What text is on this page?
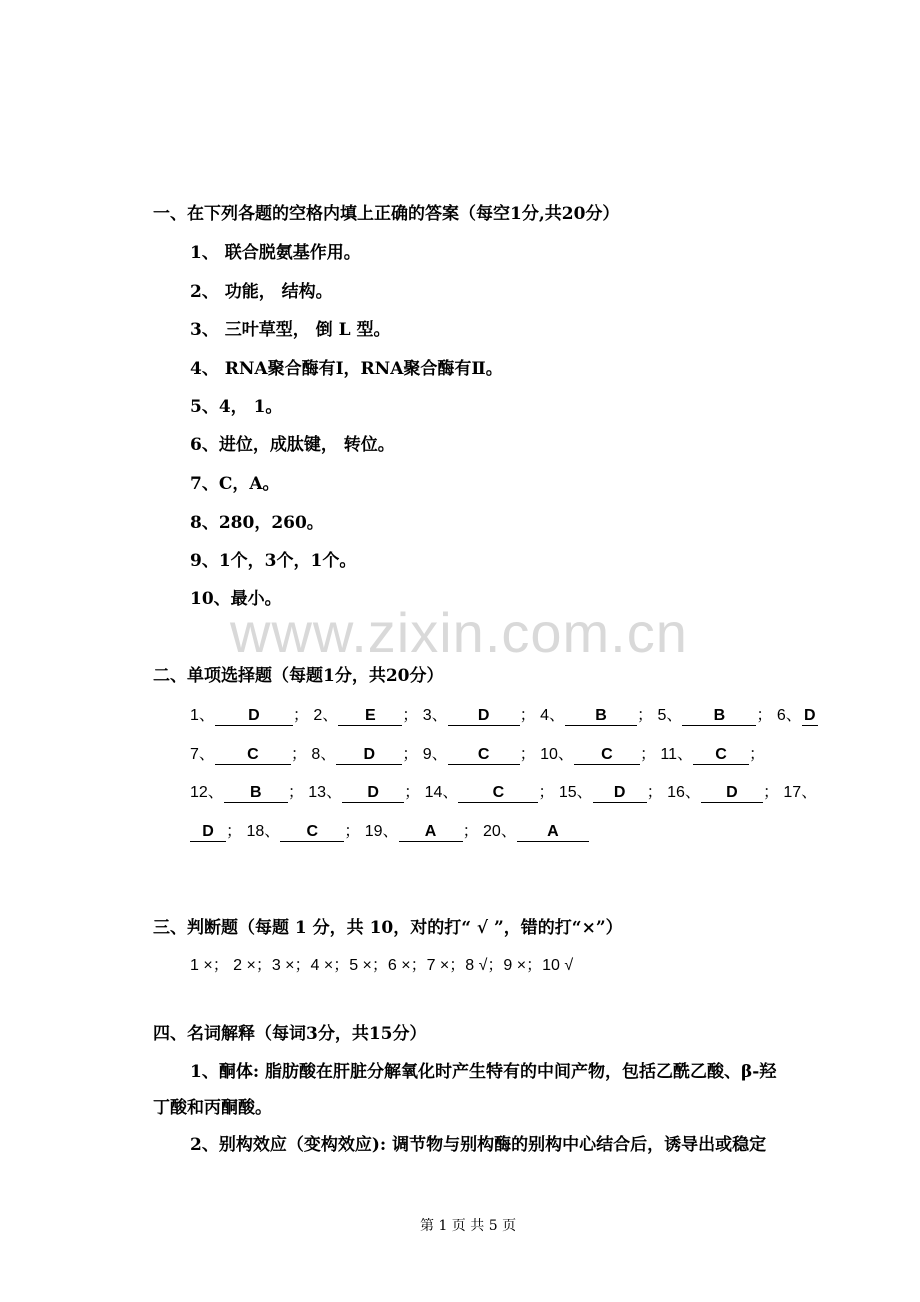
一、在下列各题的空格内填上正确的答案（每空1分,共20分）
1、 联合脱氨基作用。
2、 功能， 结构。
3、 三叶草型， 倒 L 型。
4、 RNA聚合酶有Ⅰ，RNA聚合酶有Ⅱ。
5、4， 1。
6、进位，成肽键， 转位。
7、C，A。
8、280，260。
9、1个，3个，1个。
10、最小。
www.zixin.com.cn
二、单项选择题（每题1分，共20分）
1、 D ； 2、 E ； 3、 D ； 4、 B ； 5、 B ； 6、 D
7、 C ； 8、 D ； 9、 C ； 10、 C ； 11、 C ；
12、 B ； 13、 D ； 14、 C ； 15、 D ； 16、 D ； 17、
D ； 18、 C ； 19、 A ； 20、 A
三、判断题（每题 1 分，共 10，对的打“ √ ”，错的打“×”）
1 ×； 2 ×；3 ×；4 ×；5 ×；6 ×；7 ×；8 √；9 ×；10 √
四、名词解释（每词3分，共15分）
1、酮体: 脂肪酸在肝脏分解氧化时产生特有的中间产物，包括乙酰乙酸、β-羟
丁酸和丙酮酸。
2、别构效应（变构效应): 调节物与别构酶的别构中心结合后，诱导出或稳定
第 1 页 共 5 页
